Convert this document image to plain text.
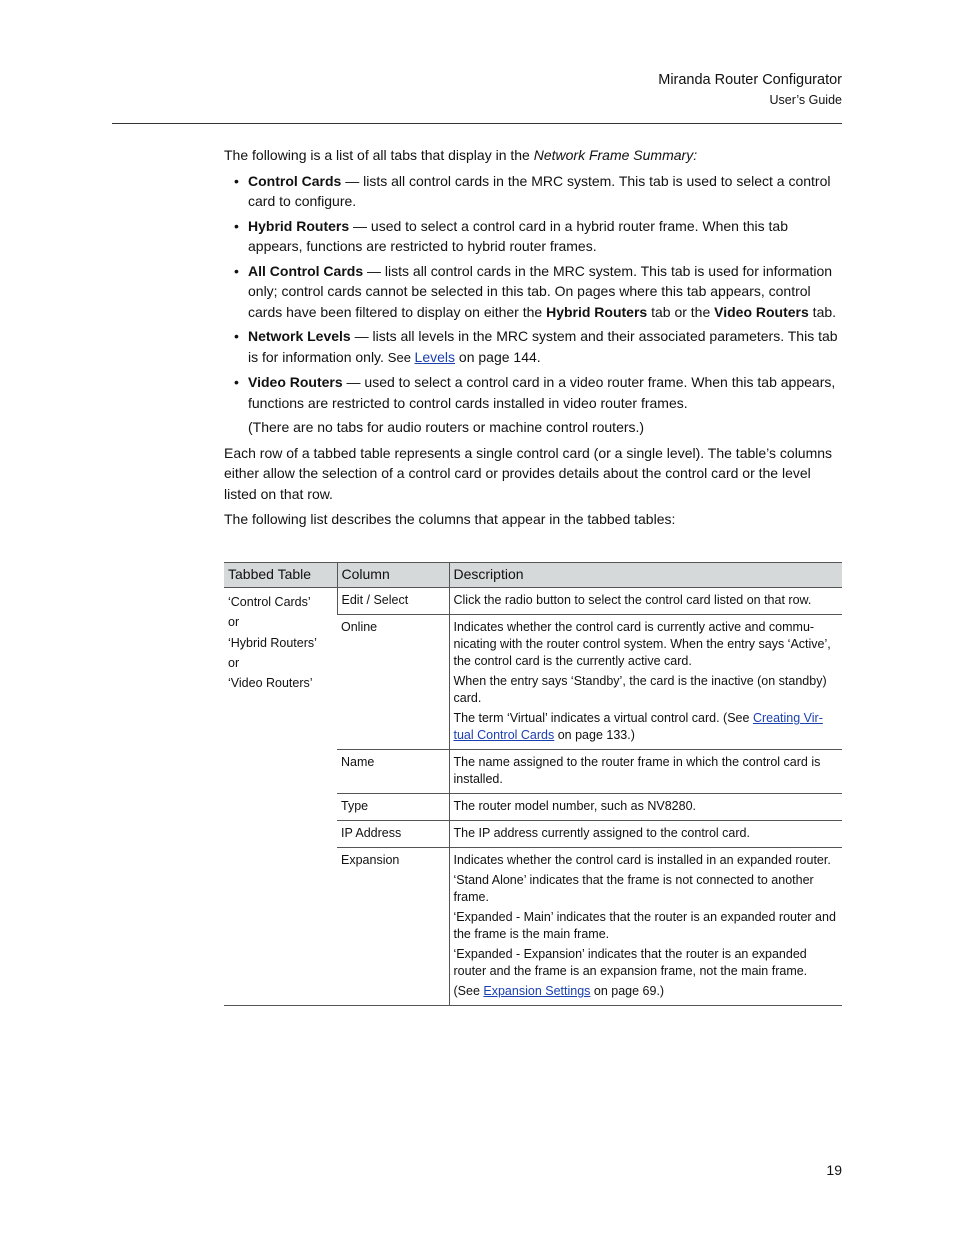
Miranda Router Configurator
User’s Guide

The following is a list of all tabs that display in the Network Frame Summary:

• Control Cards — lists all control cards in the MRC system. This tab is used to select a control card to configure.
• Hybrid Routers — used to select a control card in a hybrid router frame. When this tab appears, functions are restricted to hybrid router frames.
• All Control Cards — lists all control cards in the MRC system. This tab is used for information only; control cards cannot be selected in this tab. On pages where this tab appears, control cards have been filtered to display on either the Hybrid Routers tab or the Video Routers tab.
• Network Levels — lists all levels in the MRC system and their associated parameters. This tab is for information only. See Levels on page 144.
• Video Routers — used to select a control card in a video router frame. When this tab appears, functions are restricted to control cards installed in video router frames.

(There are no tabs for audio routers or machine control routers.)

Each row of a tabbed table represents a single control card (or a single level). The table’s columns either allow the selection of a control card or provides details about the control card or the level listed on that row.

The following list describes the columns that appear in the tabbed tables:

Tabbed Table	Column	Description

‘Control Cards’
or
‘Hybrid Routers’
or
‘Video Routers’	Edit / Select	Click the radio button to select the control card listed on that row.

	Online	Indicates whether the control card is currently active and commu-nicating with the router control system. When the entry says ‘Active’, the control card is the currently active card.

When the entry says ‘Standby’, the card is the inactive (on standby) card.

The term ‘Virtual’ indicates a virtual control card. (See Creating Vir-tual Control Cards on page 133.)

	Name	The name assigned to the router frame in which the control card is installed.

	Type	The router model number, such as NV8280.

	IP Address	The IP address currently assigned to the control card.

	Expansion	Indicates whether the control card is installed in an expanded router.

‘Stand Alone’ indicates that the frame is not connected to another frame.

‘Expanded - Main’ indicates that the router is an expanded router and the frame is the main frame.

‘Expanded - Expansion’ indicates that the router is an expanded router and the frame is an expansion frame, not the main frame.

(See Expansion Settings on page 69.)

19
